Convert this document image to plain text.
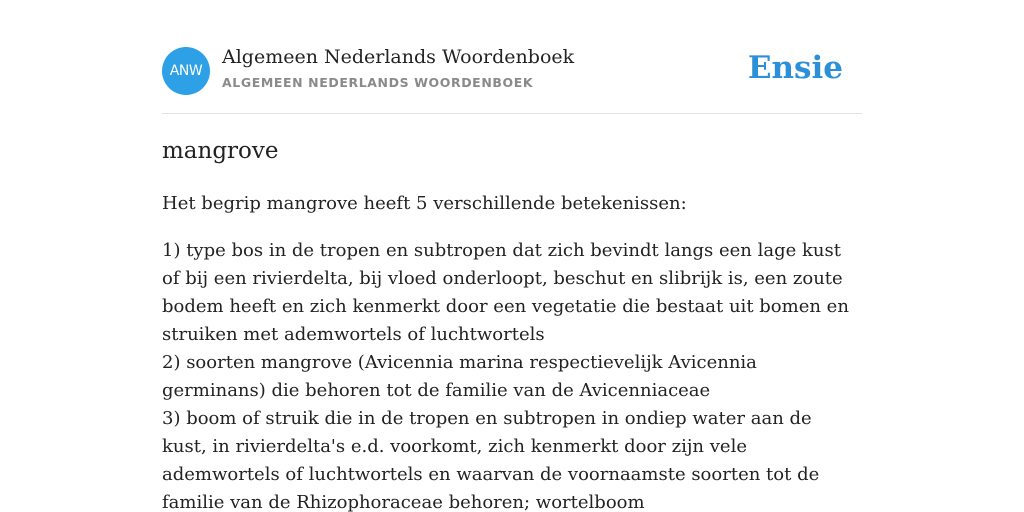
ANW
Algemeen Nederlands Woordenboek
ALGEMEEN NEDERLANDS WOORDENBOEK	Ensie
mangrove

Het begrip mangrove heeft 5 verschillende betekenissen:

1) type bos in de tropen en subtropen dat zich bevindt langs een lage kust of bij een rivierdelta, bij vloed onderloopt, beschut en slibrijk is, een zoute bodem heeft en zich kenmerkt door een vegetatie die bestaat uit bomen en struiken met ademwortels of luchtwortels

2) soorten mangrove (Avicennia marina respectievelijk Avicennia germinans) die behoren tot de familie van de Avicenniaceae

3) boom of struik die in de tropen en subtropen in ondiep water aan de kust, in rivierdelta's e.d. voorkomt, zich kenmerkt door zijn vele ademwortels of luchtwortels en waarvan de voornaamste soorten tot de familie van de Rhizophoraceae behoren; wortelboom
